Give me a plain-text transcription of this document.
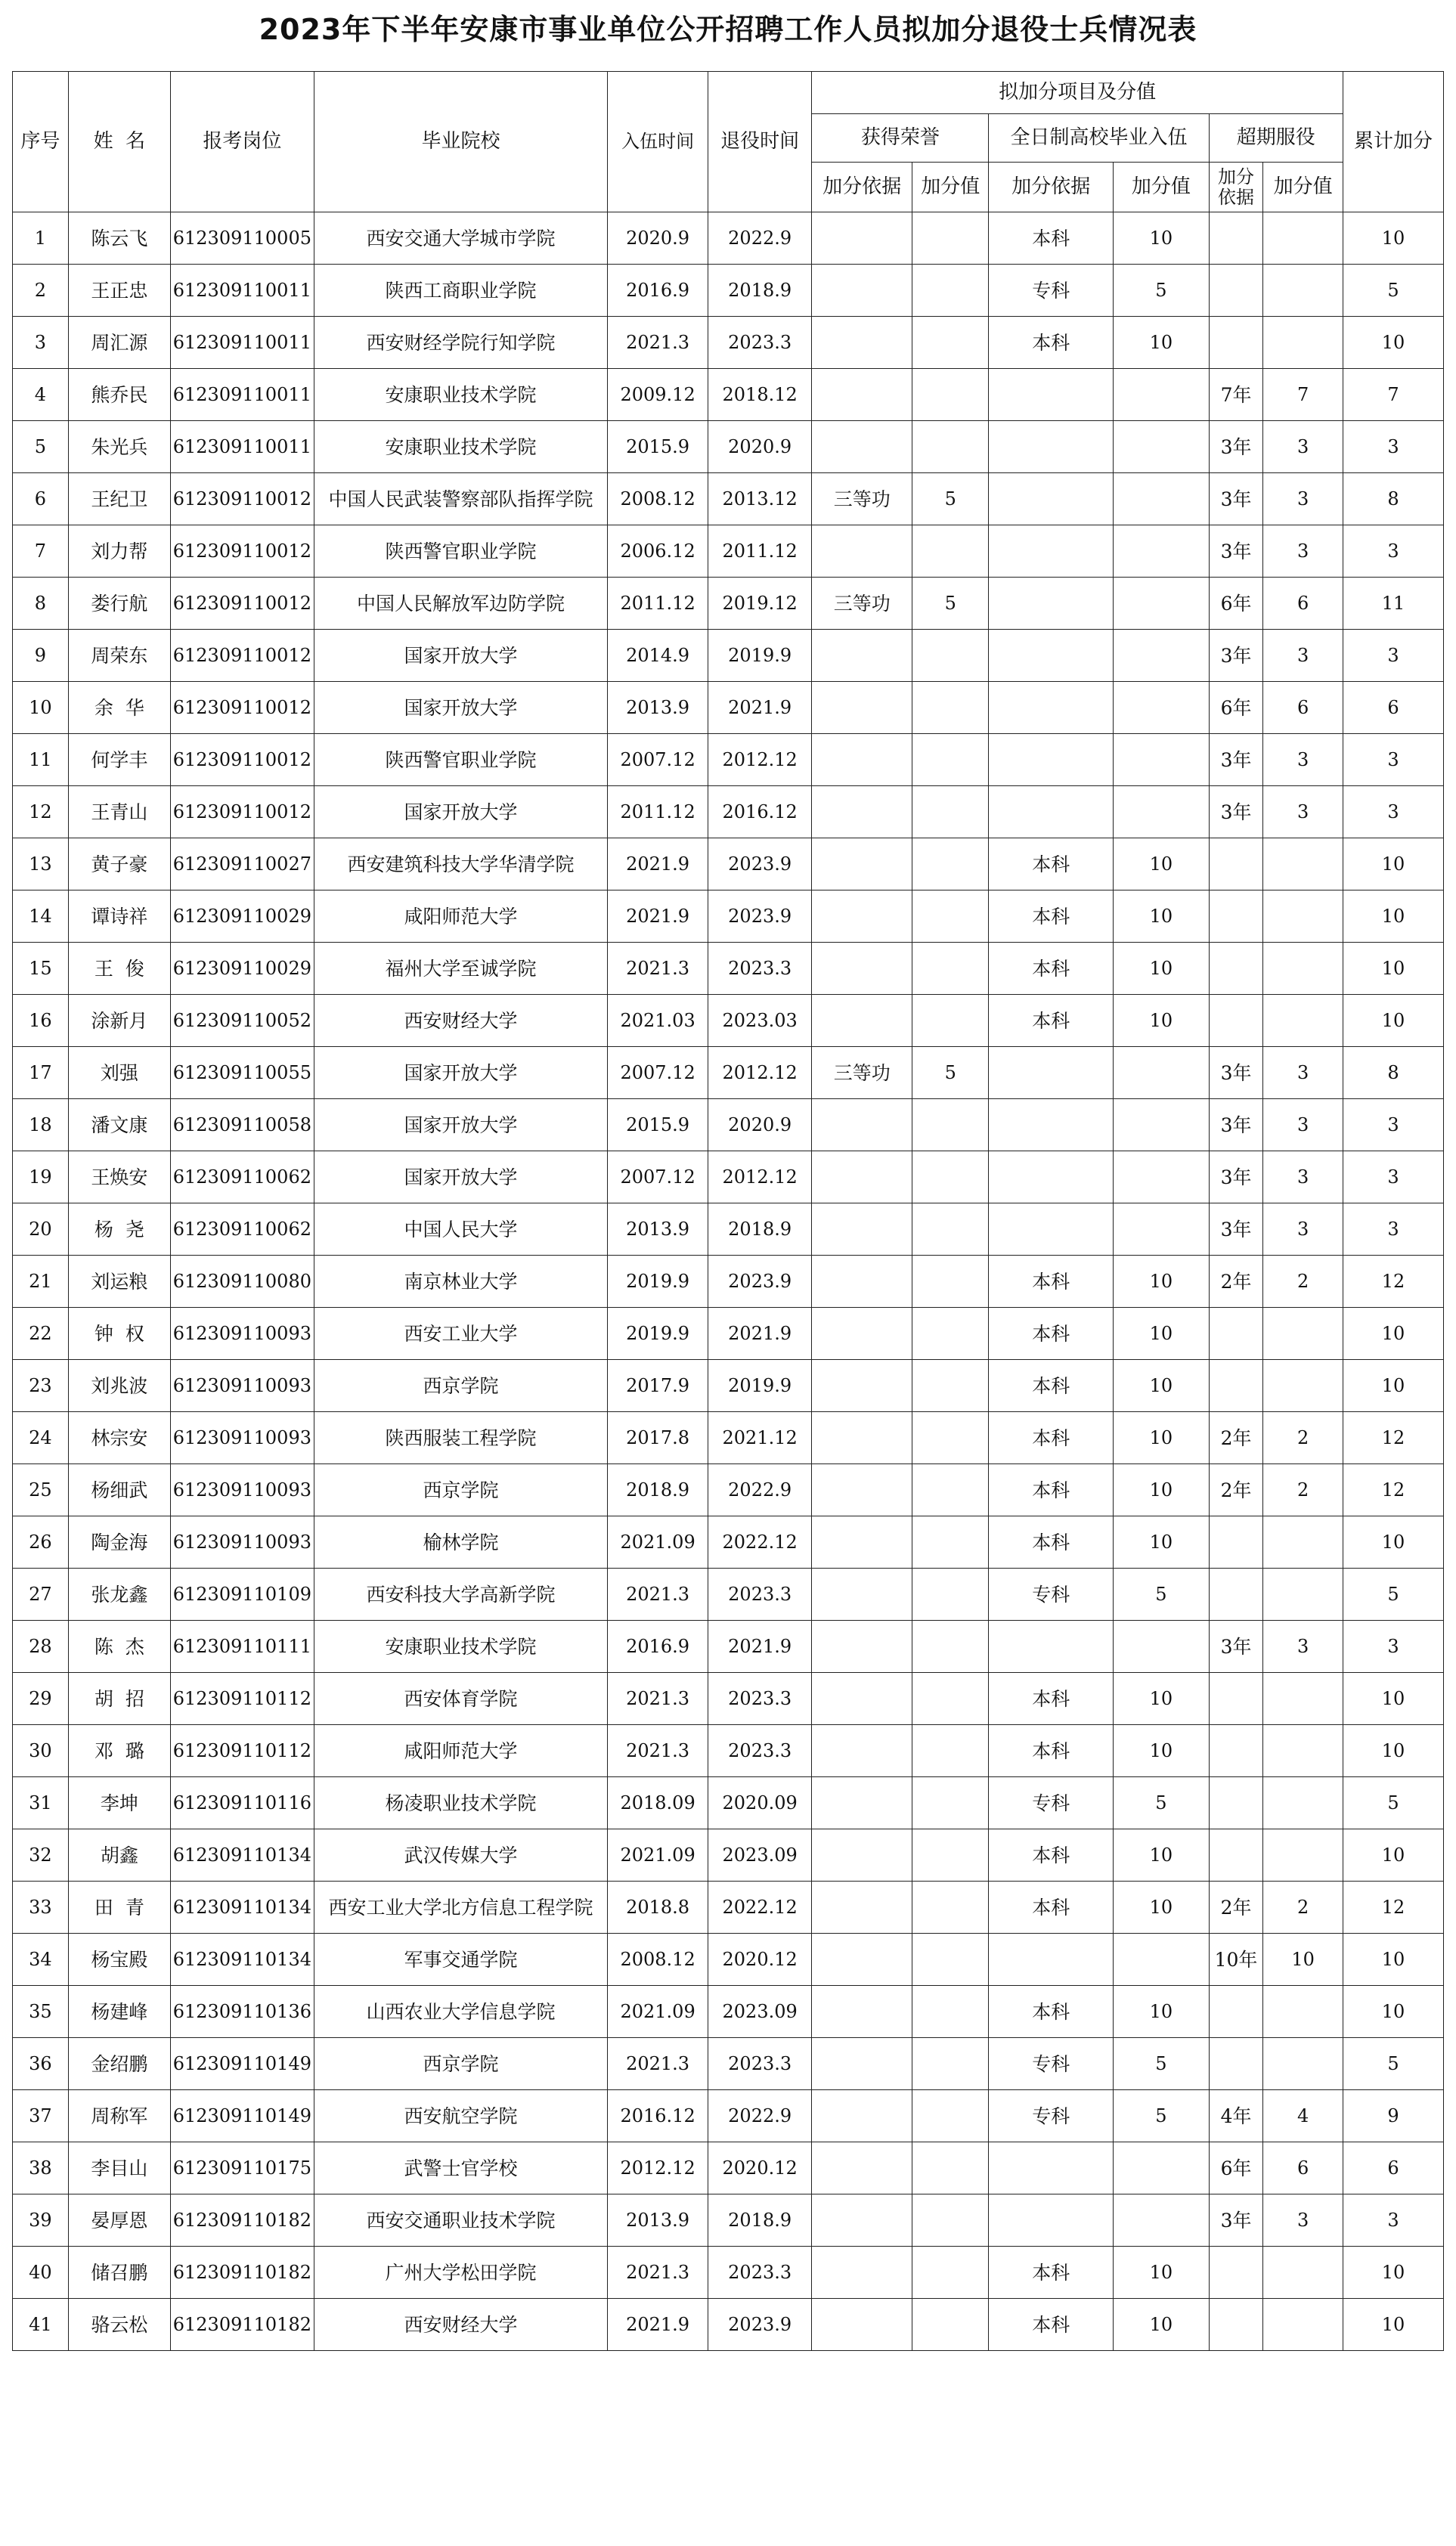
2023年下半年安康市事业单位公开招聘工作人员拟加分退役士兵情况表
序号	姓  名	报考岗位	毕业院校	入伍时间	退役时间	拟加分项目及分值						累计加分
						获得荣誉		全日制高校毕业入伍		超期服役		
						加分依据	加分值	加分依据	加分值	加分依据	加分值	
1	陈云飞	612309110005	西安交通大学城市学院	2020.9	2022.9			本科	10			10
2	王正忠	612309110011	陕西工商职业学院	2016.9	2018.9			专科	5			5
3	周汇源	612309110011	西安财经学院行知学院	2021.3	2023.3			本科	10			10
4	熊乔民	612309110011	安康职业技术学院	2009.12	2018.12					7年	7	7
5	朱光兵	612309110011	安康职业技术学院	2015.9	2020.9					3年	3	3
6	王纪卫	612309110012	中国人民武装警察部队指挥学院	2008.12	2013.12	三等功	5			3年	3	8
7	刘力帮	612309110012	陕西警官职业学院	2006.12	2011.12					3年	3	3
8	娄行航	612309110012	中国人民解放军边防学院	2011.12	2019.12	三等功	5			6年	6	11
9	周荣东	612309110012	国家开放大学	2014.9	2019.9					3年	3	3
10	余  华	612309110012	国家开放大学	2013.9	2021.9					6年	6	6
11	何学丰	612309110012	陕西警官职业学院	2007.12	2012.12					3年	3	3
12	王青山	612309110012	国家开放大学	2011.12	2016.12					3年	3	3
13	黄子豪	612309110027	西安建筑科技大学华清学院	2021.9	2023.9			本科	10			10
14	谭诗祥	612309110029	咸阳师范大学	2021.9	2023.9			本科	10			10
15	王  俊	612309110029	福州大学至诚学院	2021.3	2023.3			本科	10			10
16	涂新月	612309110052	西安财经大学	2021.03	2023.03			本科	10			10
17	刘强	612309110055	国家开放大学	2007.12	2012.12	三等功	5			3年	3	8
18	潘文康	612309110058	国家开放大学	2015.9	2020.9					3年	3	3
19	王焕安	612309110062	国家开放大学	2007.12	2012.12					3年	3	3
20	杨  尧	612309110062	中国人民大学	2013.9	2018.9					3年	3	3
21	刘运粮	612309110080	南京林业大学	2019.9	2023.9			本科	10	2年	2	12
22	钟  权	612309110093	西安工业大学	2019.9	2021.9			本科	10			10
23	刘兆波	612309110093	西京学院	2017.9	2019.9			本科	10			10
24	林宗安	612309110093	陕西服装工程学院	2017.8	2021.12			本科	10	2年	2	12
25	杨细武	612309110093	西京学院	2018.9	2022.9			本科	10	2年	2	12
26	陶金海	612309110093	榆林学院	2021.09	2022.12			本科	10			10
27	张龙鑫	612309110109	西安科技大学高新学院	2021.3	2023.3			专科	5			5
28	陈  杰	612309110111	安康职业技术学院	2016.9	2021.9					3年	3	3
29	胡  招	612309110112	西安体育学院	2021.3	2023.3			本科	10			10
30	邓  璐	612309110112	咸阳师范大学	2021.3	2023.3			本科	10			10
31	李坤	612309110116	杨凌职业技术学院	2018.09	2020.09			专科	5			5
32	胡鑫	612309110134	武汉传媒大学	2021.09	2023.09			本科	10			10
33	田  青	612309110134	西安工业大学北方信息工程学院	2018.8	2022.12			本科	10	2年	2	12
34	杨宝殿	612309110134	军事交通学院	2008.12	2020.12					10年	10	10
35	杨建峰	612309110136	山西农业大学信息学院	2021.09	2023.09			本科	10			10
36	金绍鹏	612309110149	西京学院	2021.3	2023.3			专科	5			5
37	周称军	612309110149	西安航空学院	2016.12	2022.9			专科	5	4年	4	9
38	李目山	612309110175	武警士官学校	2012.12	2020.12					6年	6	6
39	晏厚恩	612309110182	西安交通职业技术学院	2013.9	2018.9					3年	3	3
40	储召鹏	612309110182	广州大学松田学院	2021.3	2023.3			本科	10			10
41	骆云松	612309110182	西安财经大学	2021.9	2023.9			本科	10			10
